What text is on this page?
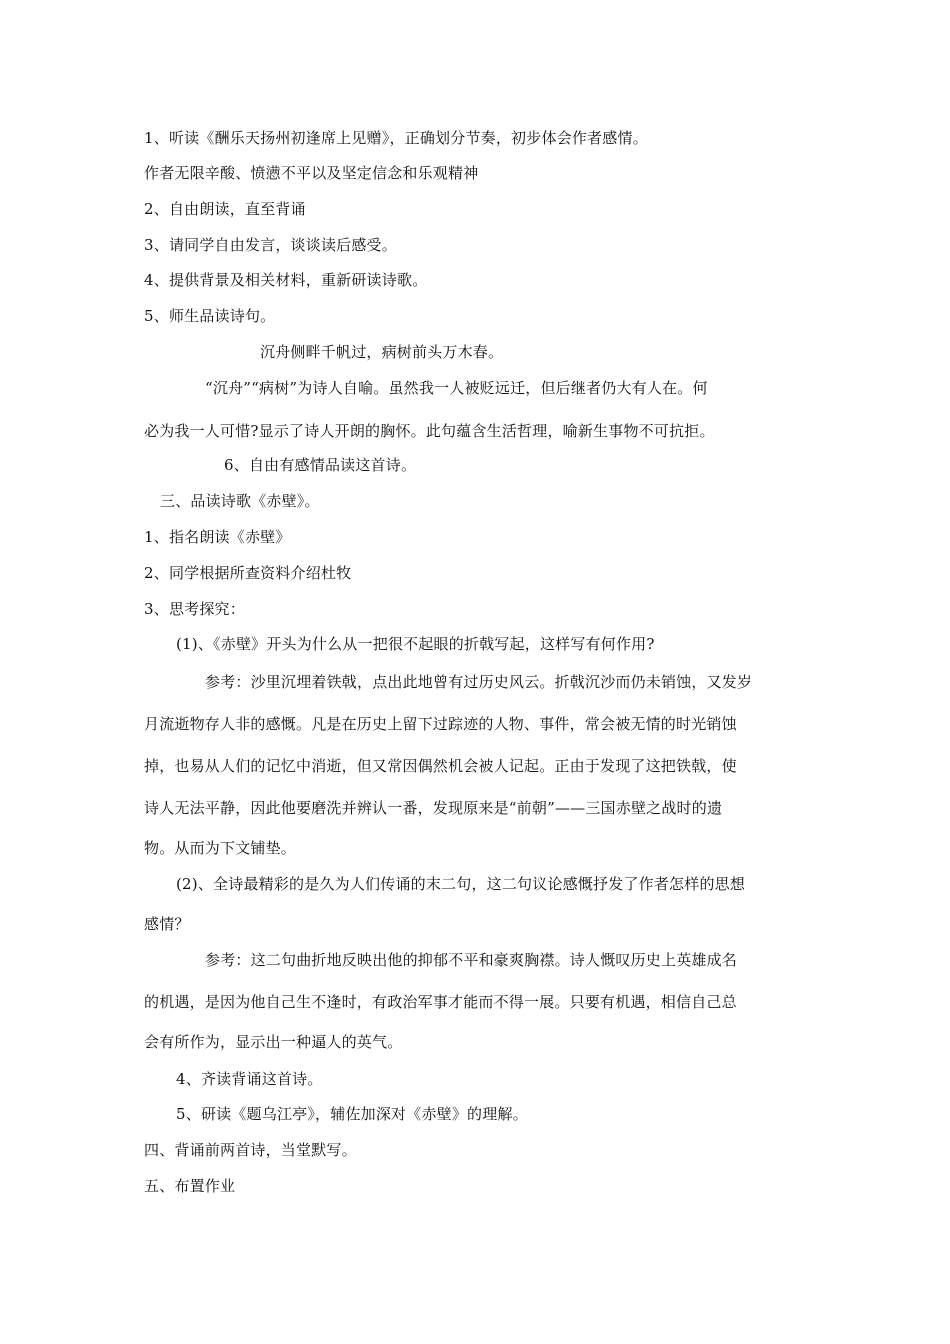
1、听读《酬乐天扬州初逢席上见赠》，正确划分节奏，初步体会作者感情。
作者无限辛酸、愤懑不平以及坚定信念和乐观精神
2、自由朗读，直至背诵
3、请同学自由发言，谈谈读后感受。
4、提供背景及相关材料，重新研读诗歌。
5、师生品读诗句。
沉舟侧畔千帆过，病树前头万木春。
“沉舟”“病树”为诗人自喻。虽然我一人被贬远迁，但后继者仍大有人在。何
必为我一人可惜?显示了诗人开朗的胸怀。此句蕴含生活哲理，喻新生事物不可抗拒。
6、自由有感情品读这首诗。
三、品读诗歌《赤壁》。
1、指名朗读《赤壁》
2、同学根据所查资料介绍杜牧
3、思考探究：
(1)、《赤壁》开头为什么从一把很不起眼的折戟写起，这样写有何作用?
参考：沙里沉埋着铁戟，点出此地曾有过历史风云。折戟沉沙而仍未销蚀，又发岁
月流逝物存人非的感慨。凡是在历史上留下过踪迹的人物、事件，常会被无情的时光销蚀
掉，也易从人们的记忆中消逝，但又常因偶然机会被人记起。正由于发现了这把铁戟，使
诗人无法平静，因此他要磨洗并辨认一番，发现原来是“前朝”——三国赤壁之战时的遗
物。从而为下文铺垫。
(2)、全诗最精彩的是久为人们传诵的末二句，这二句议论感慨抒发了作者怎样的思想
感情？
参考：这二句曲折地反映出他的抑郁不平和豪爽胸襟。诗人慨叹历史上英雄成名
的机遇，是因为他自己生不逢时，有政治军事才能而不得一展。只要有机遇，相信自己总
会有所作为，显示出一种逼人的英气。
4、齐读背诵这首诗。
5、研读《题乌江亭》，辅佐加深对《赤壁》的理解。
四、背诵前两首诗，当堂默写。
五、布置作业
